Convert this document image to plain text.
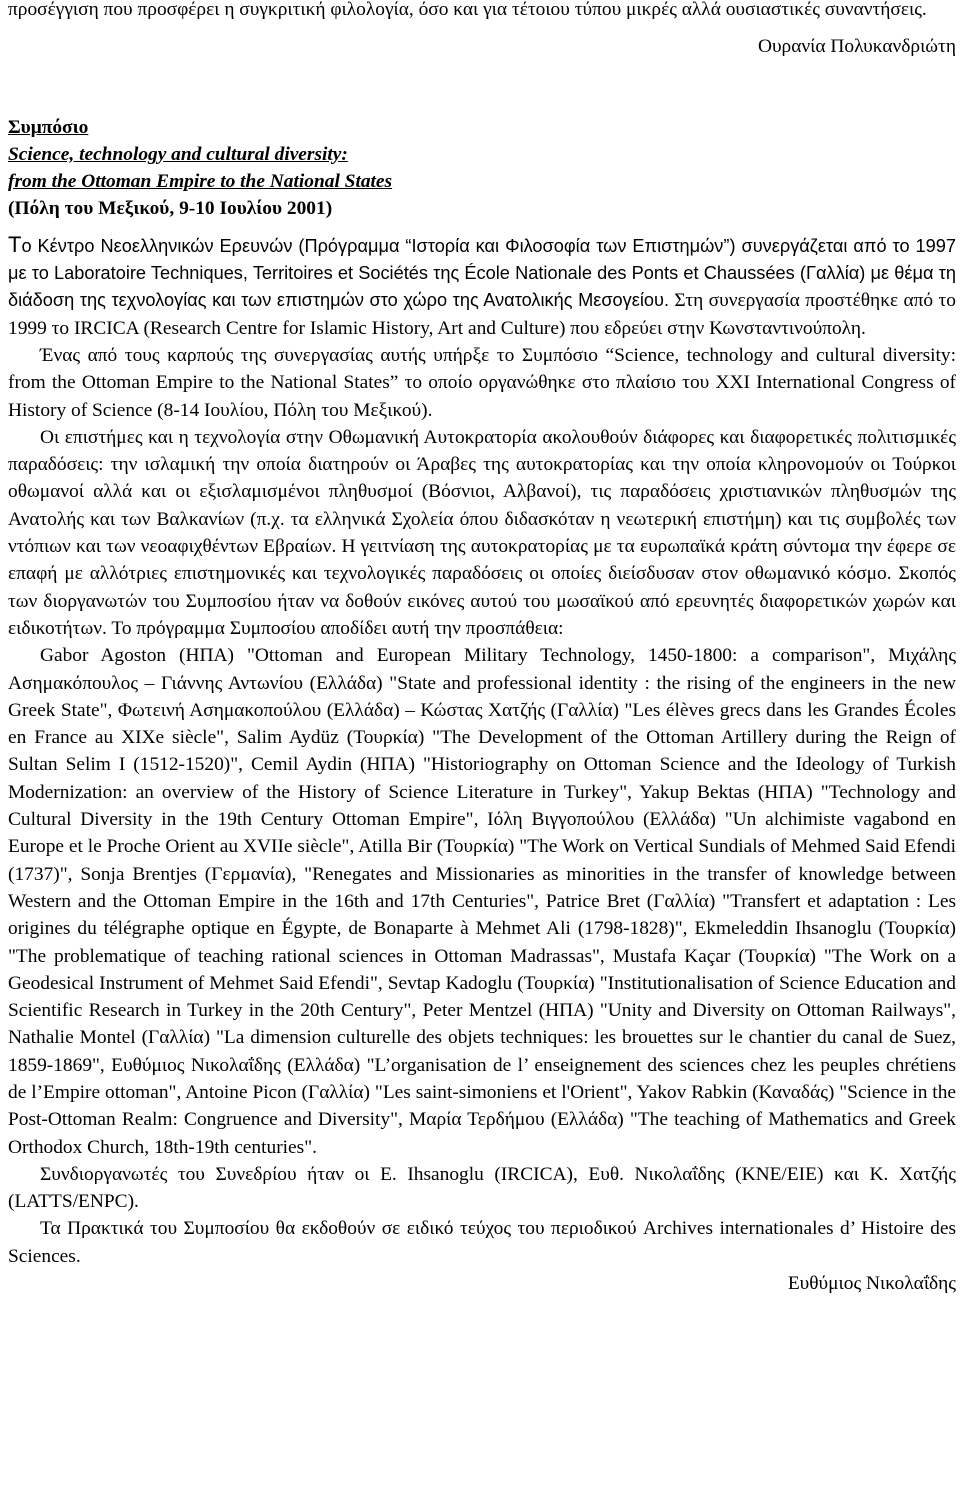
προσέγγιση που προσφέρει η συγκριτική φιλολογία, όσο και για τέτοιου τύπου μικρές αλλά ουσιαστικές συναντήσεις.

Ουρανία Πολυκανδριώτη
Συμπόσιο
Science, technology and cultural diversity:
from the Ottoman Empire to the National States
(Πόλη του Μεξικού, 9-10 Ιουλίου 2001)

Το Κέντρο Νεοελληνικών Ερευνών (Πρόγραμμα “Ιστορία και Φιλοσοφία των Επιστημών”) συνεργάζεται από το 1997 με το Laboratoire Techniques, Territoires et Sociétés της École Nationale des Ponts et Chaussées (Γαλλία) με θέμα τη διάδοση της τεχνολογίας και των επιστημών στο χώρο της Ανατολικής Μεσογείου. Στη συνεργασία προστέθηκε από το 1999 το IRCICA (Research Centre for Islamic History, Art and Culture) που εδρεύει στην Κωνσταντινούπολη.

Ένας από τους καρπούς της συνεργασίας αυτής υπήρξε το Συμπόσιο “Science, technology and cultural diversity: from the Ottoman Empire to the National States” το οποίο οργανώθηκε στο πλαίσιο του XXI International Congress of History of Science (8-14 Ιουλίου, Πόλη του Μεξικού).

Οι επιστήμες και η τεχνολογία στην Οθωμανική Αυτοκρατορία ακολουθούν διάφορες και διαφορετικές πολιτισμικές παραδόσεις: την ισλαμική την οποία διατηρούν οι Άραβες της αυτοκρατορίας και την οποία κληρονομούν οι Τούρκοι οθωμανοί αλλά και οι εξισλαμισμένοι πληθυσμοί (Βόσνιοι, Αλβανοί), τις παραδόσεις χριστιανικών πληθυσμών της Ανατολής και των Βαλκανίων (π.χ. τα ελληνικά Σχολεία όπου διδασκόταν η νεωτερική επιστήμη) και τις συμβολές των ντόπιων και των νεοαφιχθέντων Εβραίων. Η γειτνίαση της αυτοκρατορίας με τα ευρωπαϊκά κράτη σύντομα την έφερε σε επαφή με αλλότριες επιστημονικές και τεχνολογικές παραδόσεις οι οποίες διείσδυσαν στον οθωμανικό κόσμο. Σκοπός των διοργανωτών του Συμποσίου ήταν να δοθούν εικόνες αυτού του μωσαϊκού από ερευνητές διαφορετικών χωρών και ειδικοτήτων. Το πρόγραμμα Συμποσίου αποδίδει αυτή την προσπάθεια:

Gabor Agoston (ΗΠΑ) "Ottoman and European Military Technology, 1450-1800: a comparison", Μιχάλης Ασημακόπουλος – Γιάννης Αντωνίου (Ελλάδα) "State and professional identity : the rising of the engineers in the new Greek State", Φωτεινή Ασημακοπούλου (Ελλάδα) – Κώστας Χατζής (Γαλλία) "Les élèves grecs dans les Grandes Écoles en France au XIXe siècle", Salim Aydüz (Τουρκία) "The Development of the Ottoman Artillery during the Reign of Sultan Selim I (1512-1520)", Cemil Aydin (ΗΠΑ) "Historiography on Ottoman Science and the Ideology of Turkish Modernization: an overview of the History of Science Literature in Turkey", Yakup Bektas (ΗΠΑ) "Technology and Cultural Diversity in the 19th Century Ottoman Empire", Ιόλη Βιγγοπούλου (Ελλάδα) "Un alchimiste vagabond en Europe et le Proche Orient au XVIIe siècle", Atilla Bir (Τουρκία) "The Work on Vertical Sundials of Mehmed Said Efendi (1737)", Sonja Brentjes (Γερμανία), "Renegates and Missionaries as minorities in the transfer of knowledge between Western and the Ottoman Empire in the 16th and 17th Centuries", Patrice Bret (Γαλλία) "Transfert et adaptation : Les origines du télégraphe optique en Égypte, de Bonaparte à Mehmet Ali (1798-1828)", Ekmeleddin Ihsanoglu (Τουρκία) "The problematique of teaching rational sciences in Ottoman Madrassas", Mustafa Kaçar (Τουρκία) "The Work on a Geodesical Instrument of Mehmet Said Efendi", Sevtap Kadoglu (Τουρκία) "Institutionalisation of Science Education and Scientific Research in Turkey in the 20th Century", Peter Mentzel (ΗΠΑ) "Unity and Diversity on Ottoman Railways", Nathalie Montel (Γαλλία) "La dimension culturelle des objets techniques: les brouettes sur le chantier du canal de Suez, 1859-1869", Ευθύμιος Νικολαΐδης (Ελλάδα) "L’organisation de l’ enseignement des sciences chez les peuples chrétiens de l’Empire ottoman", Antoine Picon (Γαλλία) "Les saint-simoniens et l'Orient", Yakov Rabkin (Καναδάς) "Science in the Post-Ottoman Realm: Congruence and Diversity", Μαρία Τερδήμου (Ελλάδα) "The teaching of Mathematics and Greek Orthodox Church, 18th-19th centuries".

Συνδιοργανωτές του Συνεδρίου ήταν οι E. Ihsanoglu (IRCICA), Ευθ. Νικολαΐδης (ΚΝΕ/ΕΙΕ) και Κ. Χατζής (LATTS/ENPC).

Τα Πρακτικά του Συμποσίου θα εκδοθούν σε ειδικό τεύχος του περιοδικού Archives internationales d’ Histoire des Sciences.

Ευθύμιος Νικολαΐδης
